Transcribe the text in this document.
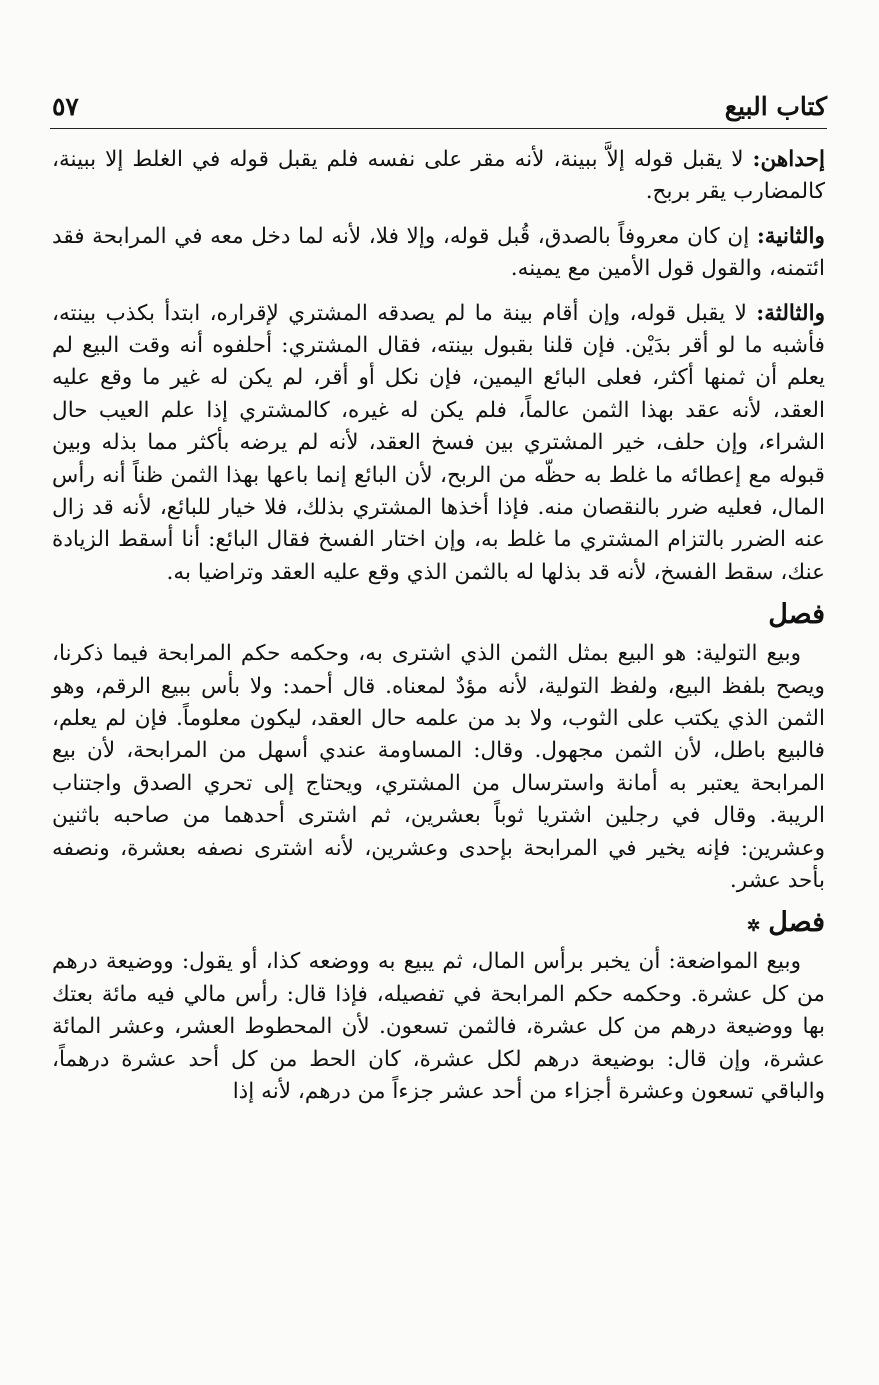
كتاب البيع
٥٧

إحداهن: لا يقبل قوله إلاَّ ببينة، لأنه مقر على نفسه فلم يقبل قوله في الغلط إلا ببينة، كالمضارب يقر بربح.

والثانية: إن كان معروفاً بالصدق، قُبل قوله، وإلا فلا، لأنه لما دخل معه في المرابحة فقد ائتمنه، والقول قول الأمين مع يمينه.

والثالثة: لا يقبل قوله، وإن أقام بينة ما لم يصدقه المشتري لإقراره، ابتدأ بكذب بينته، فأشبه ما لو أقر بدَيْن. فإن قلنا بقبول بينته، فقال المشتري: أحلفوه أنه وقت البيع لم يعلم أن ثمنها أكثر، فعلى البائع اليمين، فإن نكل أو أقر، لم يكن له غير ما وقع عليه العقد، لأنه عقد بهذا الثمن عالماً، فلم يكن له غيره، كالمشتري إذا علم العيب حال الشراء، وإن حلف، خير المشتري بين فسخ العقد، لأنه لم يرضه بأكثر مما بذله وبين قبوله مع إعطائه ما غلط به حظّه من الربح، لأن البائع إنما باعها بهذا الثمن ظناً أنه رأس المال، فعليه ضرر بالنقصان منه. فإذا أخذها المشتري بذلك، فلا خيار للبائع، لأنه قد زال عنه الضرر بالتزام المشتري ما غلط به، وإن اختار الفسخ فقال البائع: أنا أسقط الزيادة عنك، سقط الفسخ، لأنه قد بذلها له بالثمن الذي وقع عليه العقد وتراضيا به.

فصل

وبيع التولية: هو البيع بمثل الثمن الذي اشترى به، وحكمه حكم المرابحة فيما ذكرنا، ويصح بلفظ البيع، ولفظ التولية، لأنه مؤدٌ لمعناه. قال أحمد: ولا بأس ببيع الرقم، وهو الثمن الذي يكتب على الثوب، ولا بد من علمه حال العقد، ليكون معلوماً. فإن لم يعلم، فالبيع باطل، لأن الثمن مجهول. وقال: المساومة عندي أسهل من المرابحة، لأن بيع المرابحة يعتبر به أمانة واسترسال من المشتري، ويحتاج إلى تحري الصدق واجتناب الريبة. وقال في رجلين اشتريا ثوباً بعشرين، ثم اشترى أحدهما من صاحبه باثنين وعشرين: فإنه يخير في المرابحة بإحدى وعشرين، لأنه اشترى نصفه بعشرة، ونصفه بأحد عشر.

فصل✲

وبيع المواضعة: أن يخبر برأس المال، ثم يبيع به ووضعه كذا، أو يقول: ووضيعة درهم من كل عشرة. وحكمه حكم المرابحة في تفصيله، فإذا قال: رأس مالي فيه مائة بعتك بها ووضيعة درهم من كل عشرة، فالثمن تسعون. لأن المحطوط العشر، وعشر المائة عشرة، وإن قال: بوضيعة درهم لكل عشرة، كان الحط من كل أحد عشرة درهماً، والباقي تسعون وعشرة أجزاء من أحد عشر جزءاً من درهم، لأنه إذا
